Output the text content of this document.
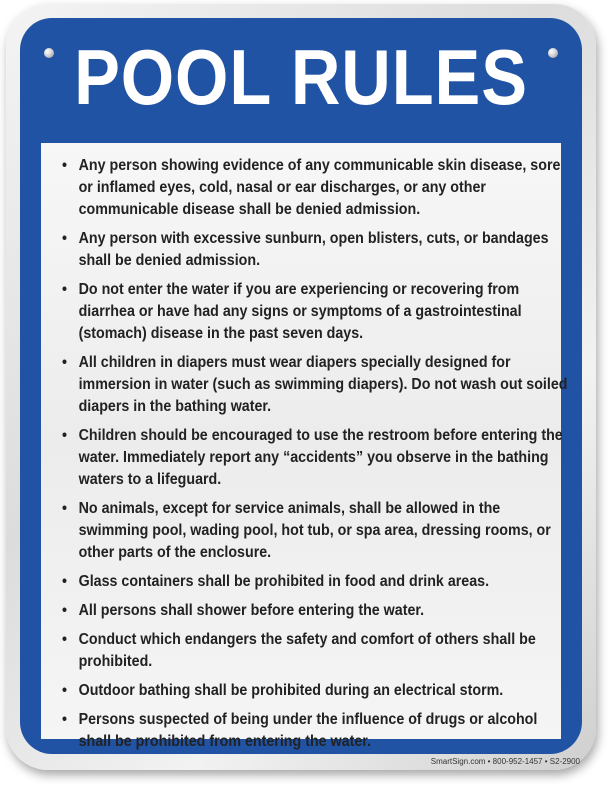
POOL RULES
• Any person showing evidence of any communicable skin disease, sore or inflamed eyes, cold, nasal or ear discharges, or any other communicable disease shall be denied admission.
• Any person with excessive sunburn, open blisters, cuts, or bandages shall be denied admission.
• Do not enter the water if you are experiencing or recovering from diarrhea or have had any signs or symptoms of a gastrointestinal (stomach) disease in the past seven days.
• All children in diapers must wear diapers specially designed for immersion in water (such as swimming diapers). Do not wash out soiled diapers in the bathing water.
• Children should be encouraged to use the restroom before entering the water. Immediately report any “accidents” you observe in the bathing waters to a lifeguard.
• No animals, except for service animals, shall be allowed in the swimming pool, wading pool, hot tub, or spa area, dressing rooms, or other parts of the enclosure.
• Glass containers shall be prohibited in food and drink areas.
• All persons shall shower before entering the water.
• Conduct which endangers the safety and comfort of others shall be prohibited.
• Outdoor bathing shall be prohibited during an electrical storm.
• Persons suspected of being under the influence of drugs or alcohol shall be prohibited from entering the water.
SmartSign.com • 800-952-1457 • S2-2900
